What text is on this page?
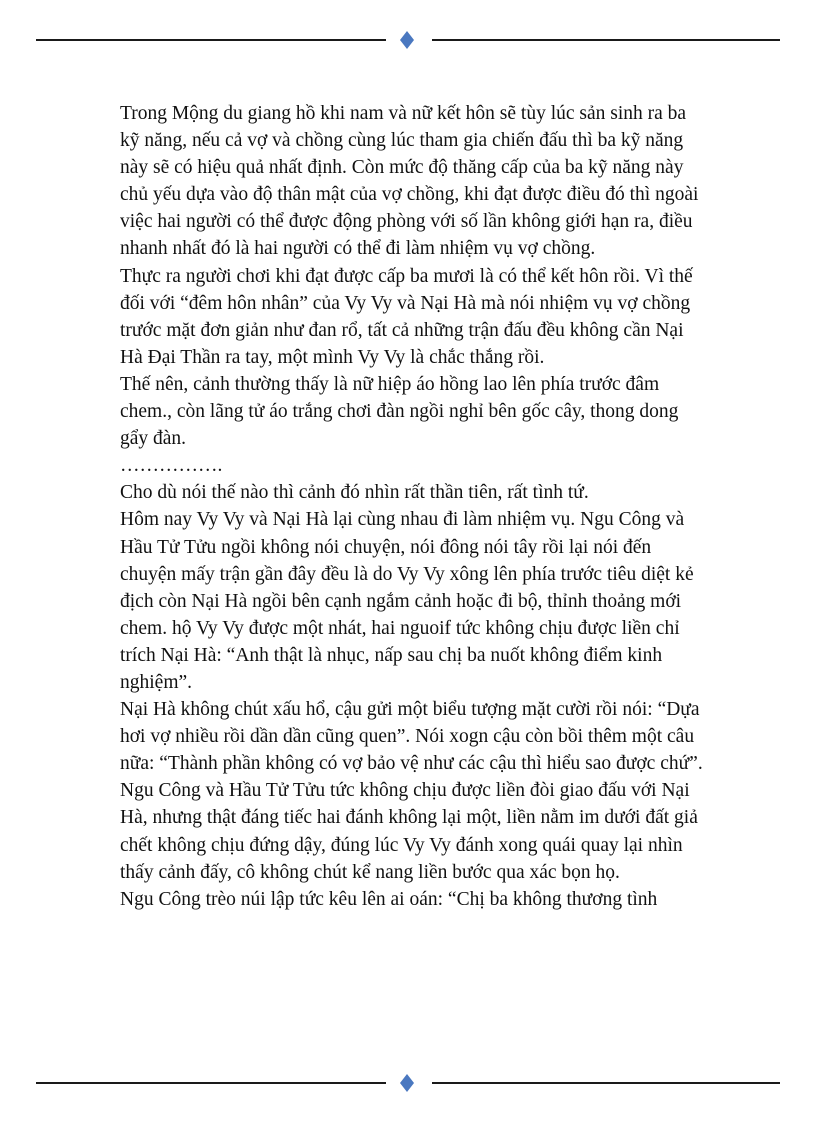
Trong Mộng du giang hồ khi nam và nữ kết hôn sẽ tùy lúc sản sinh ra ba kỹ năng, nếu cả vợ và chồng cùng lúc tham gia chiến đấu thì ba kỹ năng này sẽ có hiệu quả nhất định. Còn mức độ thăng cấp của ba kỹ năng này chủ yếu dựa vào độ thân mật của vợ chồng, khi đạt được điều đó thì ngoài việc hai người có thể được động phòng với số lần không giới hạn ra, điều nhanh nhất đó là hai người có thể đi làm nhiệm vụ vợ chồng.

Thực ra người chơi khi đạt được cấp ba mươi là có thể kết hôn rồi. Vì thế đối với “đêm hôn nhân” của Vy Vy và Nại Hà mà nói nhiệm vụ vợ chồng trước mặt đơn giản như đan rổ, tất cả những trận đấu đều không cần Nại Hà Đại Thần ra tay, một mình Vy Vy là chắc thắng rồi.

Thế nên, cảnh thường thấy là nữ hiệp áo hồng lao lên phía trước đâm chem., còn lãng tử áo trắng chơi đàn ngồi nghỉ bên gốc cây, thong dong gẩy đàn.

…………….

Cho dù nói thế nào thì cảnh đó nhìn rất thần tiên, rất tình tứ.

Hôm nay Vy Vy và Nại Hà lại cùng nhau đi làm nhiệm vụ. Ngu Công và Hầu Tử Tửu ngồi không nói chuyện, nói đông nói tây rồi lại nói đến chuyện mấy trận gần đây đều là do Vy Vy xông lên phía trước tiêu diệt kẻ địch còn Nại Hà ngồi bên cạnh ngắm cảnh hoặc đi bộ, thỉnh thoảng mới chem. hộ Vy Vy được một nhát, hai nguoif tức không chịu được liền chỉ trích Nại Hà: “Anh thật là nhục, nấp sau chị ba nuốt không điểm kinh nghiệm”.

Nại Hà không chút xấu hổ, cậu gửi một biểu tượng mặt cười rồi nói: “Dựa hơi vợ nhiều rồi dần dần cũng quen”. Nói xogn cậu còn bồi thêm một câu nữa: “Thành phần không có vợ bảo vệ như các cậu thì hiểu sao được chứ”.

Ngu Công và Hầu Tử Tửu tức không chịu được liền đòi giao đấu với Nại Hà, nhưng thật đáng tiếc hai đánh không lại một, liền nằm im dưới đất giả chết không chịu đứng dậy, đúng lúc Vy Vy đánh xong quái quay lại nhìn thấy cảnh đấy, cô không chút kể nang liền bước qua xác bọn họ.

Ngu Công trèo núi lập tức kêu lên ai oán: “Chị ba không thương tình
